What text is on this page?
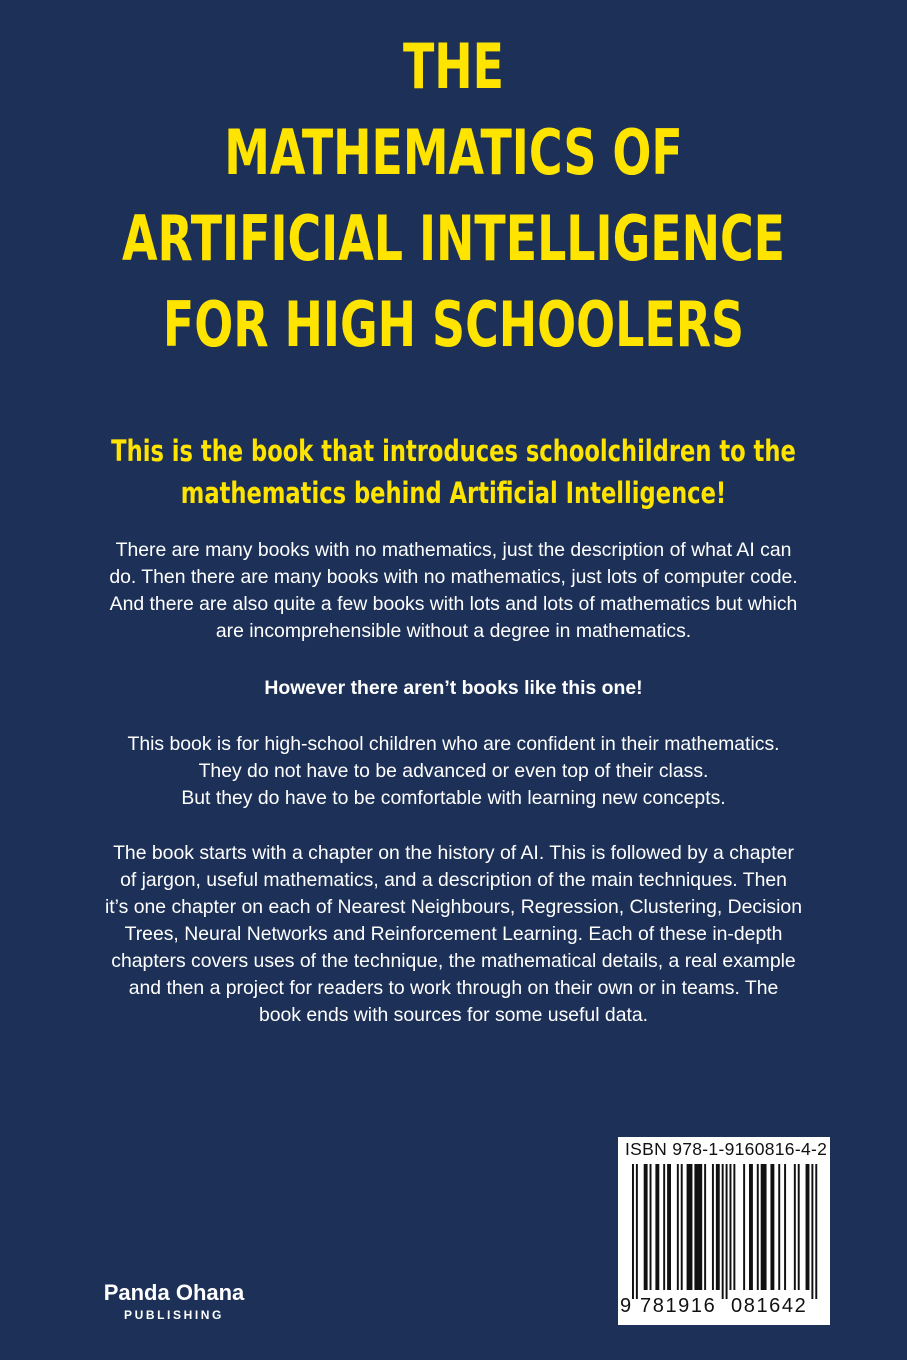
THE
MATHEMATICS OF
ARTIFICIAL INTELLIGENCE
FOR HIGH SCHOOLERS
This is the book that introduces schoolchildren to the
mathematics behind Artificial Intelligence!
There are many books with no mathematics, just the description of what AI can
do. Then there are many books with no mathematics, just lots of computer code.
And there are also quite a few books with lots and lots of mathematics but which
are incomprehensible without a degree in mathematics.
However there aren’t books like this one!
This book is for high-school children who are confident in their mathematics.
They do not have to be advanced or even top of their class.
But they do have to be comfortable with learning new concepts.
The book starts with a chapter on the history of AI. This is followed by a chapter
of jargon, useful mathematics, and a description of the main techniques. Then
it’s one chapter on each of Nearest Neighbours, Regression, Clustering, Decision
Trees, Neural Networks and Reinforcement Learning. Each of these in-depth
chapters covers uses of the technique, the mathematical details, a real example
and then a project for readers to work through on their own or in teams. The
book ends with sources for some useful data.
ISBN 978-1-9160816-4-2
9 781916 081642
Panda Ohana
PUBLISHING
